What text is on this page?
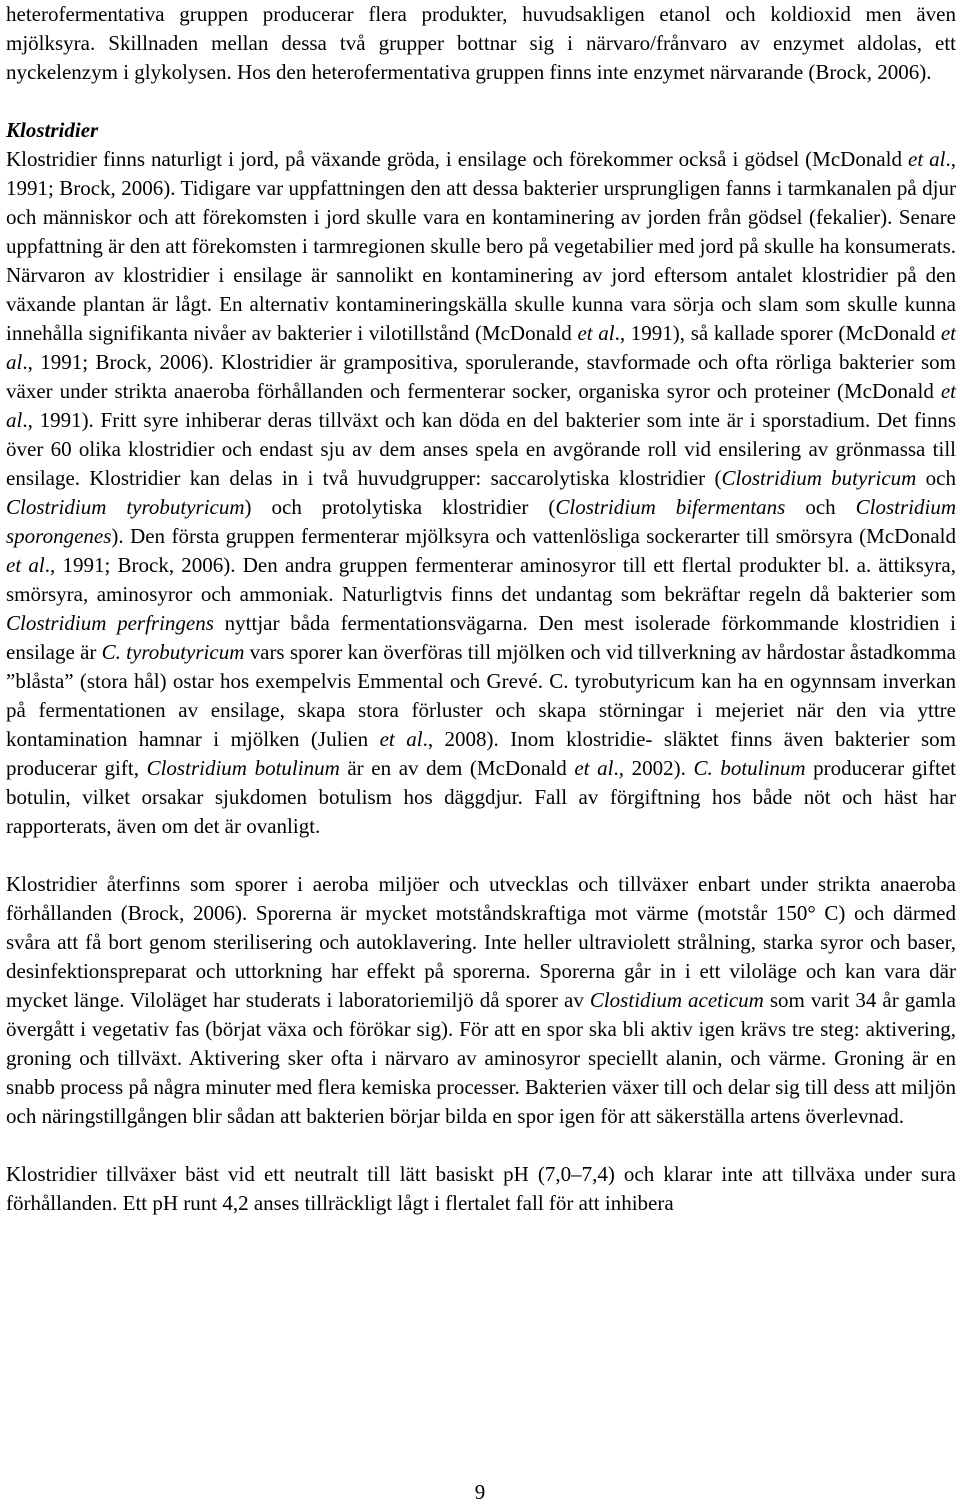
heterofermentativa gruppen producerar flera produkter, huvudsakligen etanol och koldioxid men även mjölksyra. Skillnaden mellan dessa två grupper bottnar sig i närvaro/frånvaro av enzymet aldolas, ett nyckelenzym i glykolysen. Hos den heterofermentativa gruppen finns inte enzymet närvarande (Brock, 2006).

Klostridier

Klostridier finns naturligt i jord, på växande gröda, i ensilage och förekommer också i gödsel (McDonald et al., 1991; Brock, 2006). Tidigare var uppfattningen den att dessa bakterier ursprungligen fanns i tarmkanalen på djur och människor och att förekomsten i jord skulle vara en kontaminering av jorden från gödsel (fekalier). Senare uppfattning är den att förekomsten i tarmregionen skulle bero på vegetabilier med jord på skulle ha konsumerats. Närvaron av klostridier i ensilage är sannolikt en kontaminering av jord eftersom antalet klostridier på den växande plantan är lågt. En alternativ kontamineringskälla skulle kunna vara sörja och slam som skulle kunna innehålla signifikanta nivåer av bakterier i vilotillstånd (McDonald et al., 1991), så kallade sporer (McDonald et al., 1991; Brock, 2006). Klostridier är grampositiva, sporulerande, stavformade och ofta rörliga bakterier som växer under strikta anaeroba förhållanden och fermenterar socker, organiska syror och proteiner (McDonald et al., 1991). Fritt syre inhiberar deras tillväxt och kan döda en del bakterier som inte är i sporstadium. Det finns över 60 olika klostridier och endast sju av dem anses spela en avgörande roll vid ensilering av grönmassa till ensilage. Klostridier kan delas in i två huvudgrupper: saccarolytiska klostridier (Clostridium butyricum och Clostridium tyrobutyricum) och protolytiska klostridier (Clostridium bifermentans och Clostridium sporongenes). Den första gruppen fermenterar mjölksyra och vattenlösliga sockerarter till smörsyra (McDonald et al., 1991; Brock, 2006). Den andra gruppen fermenterar aminosyror till ett flertal produkter bl. a. ättiksyra, smörsyra, aminosyror och ammoniak. Naturligtvis finns det undantag som bekräftar regeln då bakterier som Clostridium perfringens nyttjar båda fermentationsvägarna. Den mest isolerade förkommande klostridien i ensilage är C. tyrobutyricum vars sporer kan överföras till mjölken och vid tillverkning av hårdostar åstadkomma ”blåsta” (stora hål) ostar hos exempelvis Emmental och Grevé. C. tyrobutyricum kan ha en ogynnsam inverkan på fermentationen av ensilage, skapa stora förluster och skapa störningar i mejeriet när den via yttre kontamination hamnar i mjölken (Julien et al., 2008). Inom klostridie- släktet finns även bakterier som producerar gift, Clostridium botulinum är en av dem (McDonald et al., 2002). C. botulinum producerar giftet botulin, vilket orsakar sjukdomen botulism hos däggdjur. Fall av förgiftning hos både nöt och häst har rapporterats, även om det är ovanligt.

Klostridier återfinns som sporer i aeroba miljöer och utvecklas och tillväxer enbart under strikta anaeroba förhållanden (Brock, 2006). Sporerna är mycket motståndskraftiga mot värme (motstår 150° C) och därmed svåra att få bort genom sterilisering och autoklavering. Inte heller ultraviolett strålning, starka syror och baser, desinfektionspreparat och uttorkning har effekt på sporerna. Sporerna går in i ett viloläge och kan vara där mycket länge. Viloläget har studerats i laboratoriemiljö då sporer av Clostidium aceticum som varit 34 år gamla övergått i vegetativ fas (börjat växa och förökar sig). För att en spor ska bli aktiv igen krävs tre steg: aktivering, groning och tillväxt. Aktivering sker ofta i närvaro av aminosyror speciellt alanin, och värme. Groning är en snabb process på några minuter med flera kemiska processer. Bakterien växer till och delar sig till dess att miljön och näringstillgången blir sådan att bakterien börjar bilda en spor igen för att säkerställa artens överlevnad.

Klostridier tillväxer bäst vid ett neutralt till lätt basiskt pH (7,0–7,4) och klarar inte att tillväxa under sura förhållanden. Ett pH runt 4,2 anses tillräckligt lågt i flertalet fall för att inhibera

9
